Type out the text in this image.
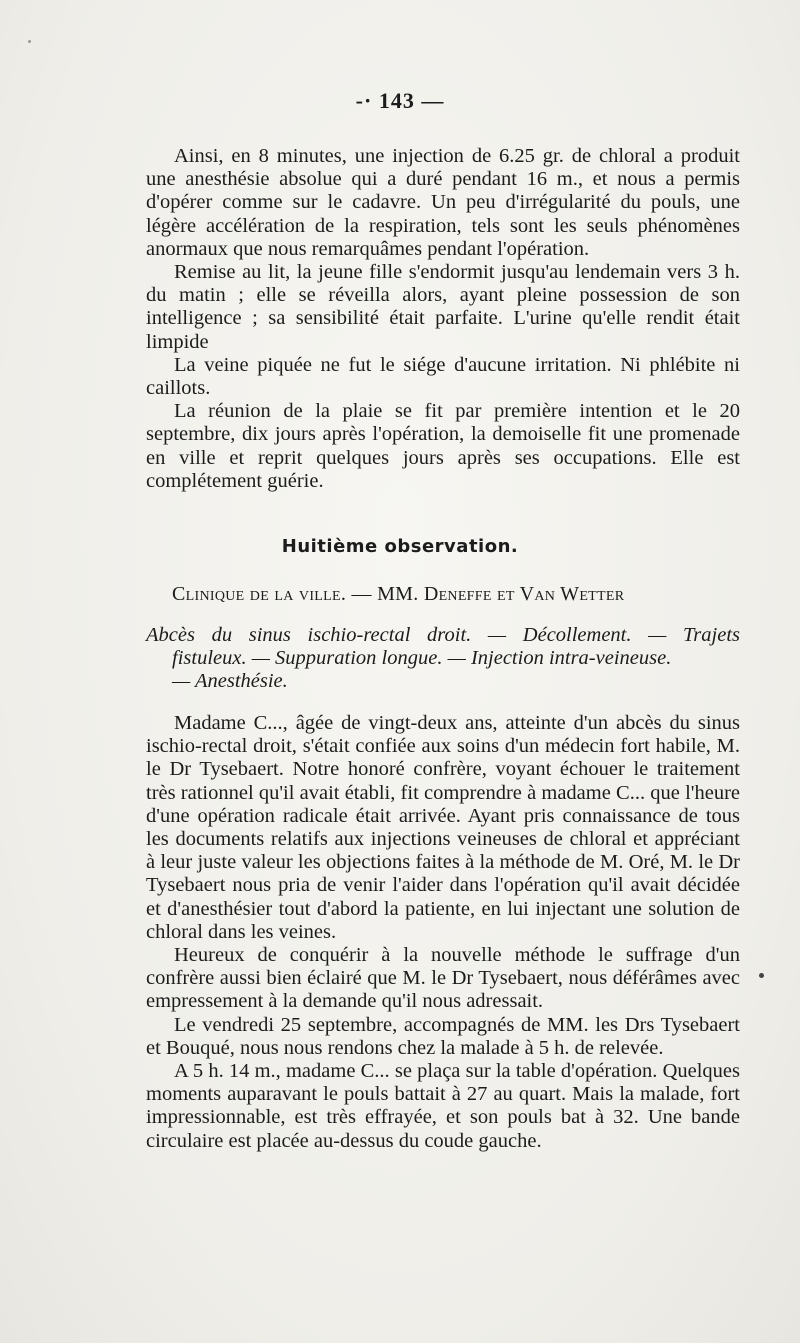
-· 143 —

Ainsi, en 8 minutes, une injection de 6.25 gr. de chloral a produit une anesthésie absolue qui a duré pendant 16 m., et nous a permis d'opérer comme sur le cadavre. Un peu d'irrégularité du pouls, une légère accélération de la respiration, tels sont les seuls phénomènes anormaux que nous remarquâmes pendant l'opération.

Remise au lit, la jeune fille s'endormit jusqu'au lendemain vers 3 h. du matin ; elle se réveilla alors, ayant pleine possession de son intelligence ; sa sensibilité était parfaite. L'urine qu'elle rendit était limpide

La veine piquée ne fut le siége d'aucune irritation. Ni phlébite ni caillots.

La réunion de la plaie se fit par première intention et le 20 septembre, dix jours après l'opération, la demoiselle fit une promenade en ville et reprit quelques jours après ses occupations. Elle est complétement guérie.

Huitième observation.
Clinique de la ville. — MM. Deneffe et Van Wetter
Abcès du sinus ischio-rectal droit. — Décollement. — Trajets
fistuleux. — Suppuration longue. — Injection intra-veineuse.
— Anesthésie.

Madame C..., âgée de vingt-deux ans, atteinte d'un abcès du sinus ischio-rectal droit, s'était confiée aux soins d'un médecin fort habile, M. le Dr Tysebaert. Notre honoré confrère, voyant échouer le traitement très rationnel qu'il avait établi, fit comprendre à madame C... que l'heure d'une opération radicale était arrivée. Ayant pris connaissance de tous les documents relatifs aux injections veineuses de chloral et appréciant à leur juste valeur les objections faites à la méthode de M. Oré, M. le Dr Tysebaert nous pria de venir l'aider dans l'opération qu'il avait décidée et d'anesthésier tout d'abord la patiente, en lui injectant une solution de chloral dans les veines.

Heureux de conquérir à la nouvelle méthode le suffrage d'un confrère aussi bien éclairé que M. le Dr Tysebaert, nous déférâmes avec empressement à la demande qu'il nous adressait.

Le vendredi 25 septembre, accompagnés de MM. les Drs Tysebaert et Bouqué, nous nous rendons chez la malade à 5 h. de relevée.

A 5 h. 14 m., madame C... se plaça sur la table d'opération. Quelques moments auparavant le pouls battait à 27 au quart. Mais la malade, fort impressionnable, est très effrayée, et son pouls bat à 32. Une bande circulaire est placée au-dessus du coude gauche.
